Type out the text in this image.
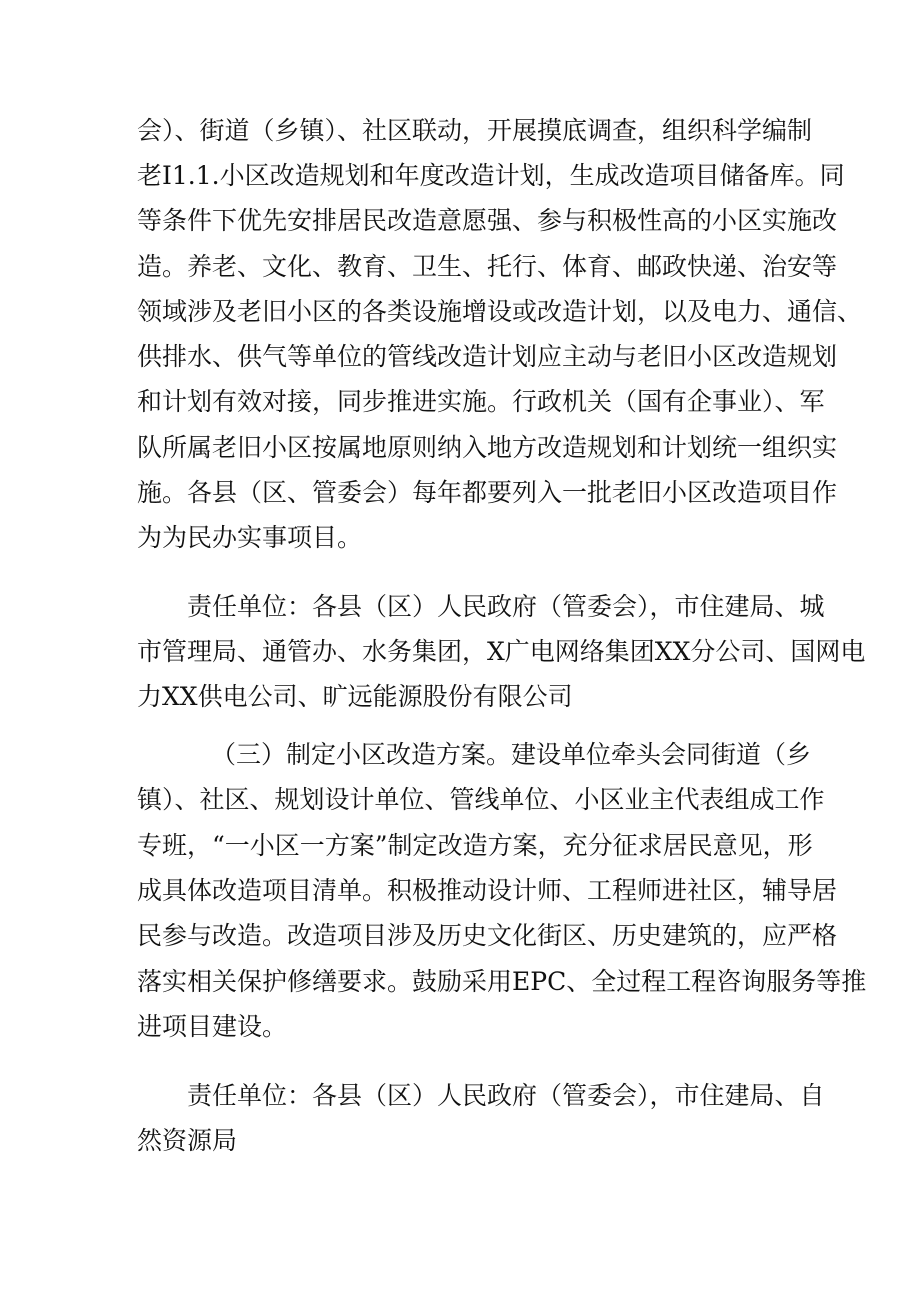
会）、街道（乡镇）、社区联动，开展摸底调查，组织科学编制
老I1.1.小区改造规划和年度改造计划，生成改造项目储备库。同
等条件下优先安排居民改造意愿强、参与积极性高的小区实施改
造。养老、文化、教育、卫生、托行、体育、邮政快递、治安等
领域涉及老旧小区的各类设施增设或改造计划，以及电力、通信、
供排水、供气等单位的管线改造计划应主动与老旧小区改造规划
和计划有效对接，同步推进实施。行政机关（国有企事业）、军
队所属老旧小区按属地原则纳入地方改造规划和计划统一组织实
施。各县（区、管委会）每年都要列入一批老旧小区改造项目作
为为民办实事项目。
责任单位：各县（区）人民政府（管委会），市住建局、城
市管理局、通管办、水务集团，X广电网络集团XX分公司、国网电
力XX供电公司、旷远能源股份有限公司
（三）制定小区改造方案。建设单位牵头会同街道（乡
镇）、社区、规划设计单位、管线单位、小区业主代表组成工作
专班，“一小区一方案”制定改造方案，充分征求居民意见，形
成具体改造项目清单。积极推动设计师、工程师进社区，辅导居
民参与改造。改造项目涉及历史文化街区、历史建筑的，应严格
落实相关保护修缮要求。鼓励采用EPC、全过程工程咨询服务等推
进项目建设。
责任单位：各县（区）人民政府（管委会），市住建局、自
然资源局
